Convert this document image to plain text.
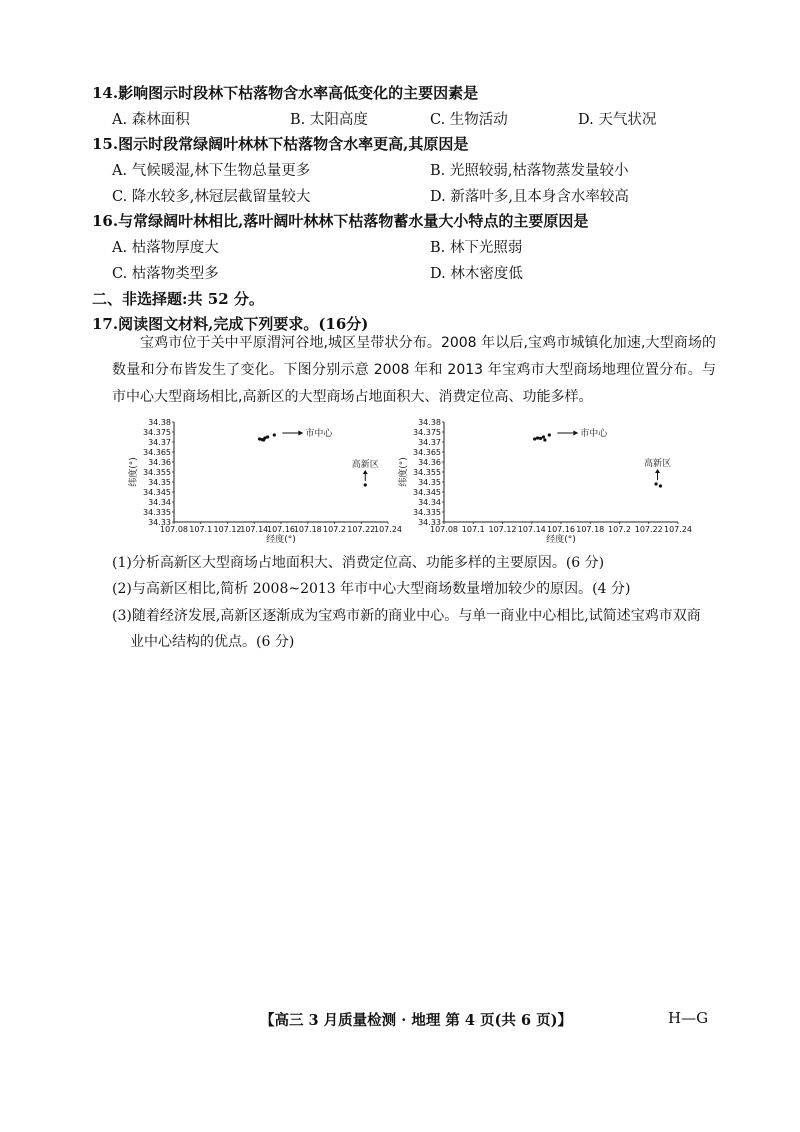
14.影响图示时段林下枯落物含水率高低变化的主要因素是
A. 森林面积	B. 太阳高度	C. 生物活动	D. 天气状况
15.图示时段常绿阔叶林林下枯落物含水率更高,其原因是
A. 气候暖湿,林下生物总量更多	B. 光照较弱,枯落物蒸发量较小
C. 降水较多,林冠层截留量较大	D. 新落叶多,且本身含水率较高
16.与常绿阔叶林相比,落叶阔叶林林下枯落物蓄水量大小特点的主要原因是
A. 枯落物厚度大	B. 林下光照弱
C. 枯落物类型多	D. 林木密度低
二、非选择题:共 52 分。
17.阅读图文材料,完成下列要求。(16分)

宝鸡市位于关中平原渭河谷地,城区呈带状分布。2008 年以后,宝鸡市城镇化加速,大型商场的数量和分布皆发生了变化。下图分别示意 2008 年和 2013 年宝鸡市大型商场地理位置分布。与市中心大型商场相比,高新区的大型商场占地面积大、消费定位高、功能多样。

34.38
34.375
34.37
34.365
34.36
34.355
34.35
34.345
34.34
34.335
34.33
107.08 107.1 107.12
107.14
107.16
107.18 107.2 107.22
107.24
经度(°)
纬度(°)
市中心
高新区
34.38
34.375
34.37
34.365
34.36
34.355
34.35
34.345
34.34
34.335
34.33
107.08 107.1 107.12 107.14 107.16 107.18 107.2 107.22 107.24
经度(°)
纬度(°)
市中心
高新区
(1)分析高新区大型商场占地面积大、消费定位高、功能多样的主要原因。(6 分)
(2)与高新区相比,简析 2008~2013 年市中心大型商场数量增加较少的原因。(4 分)
(3)随着经济发展,高新区逐渐成为宝鸡市新的商业中心。与单一商业中心相比,试简述宝鸡市双商
业中心结构的优点。(6 分)
【高三 3 月质量检测 · 地理 第 4 页(共 6 页)】	H—G
